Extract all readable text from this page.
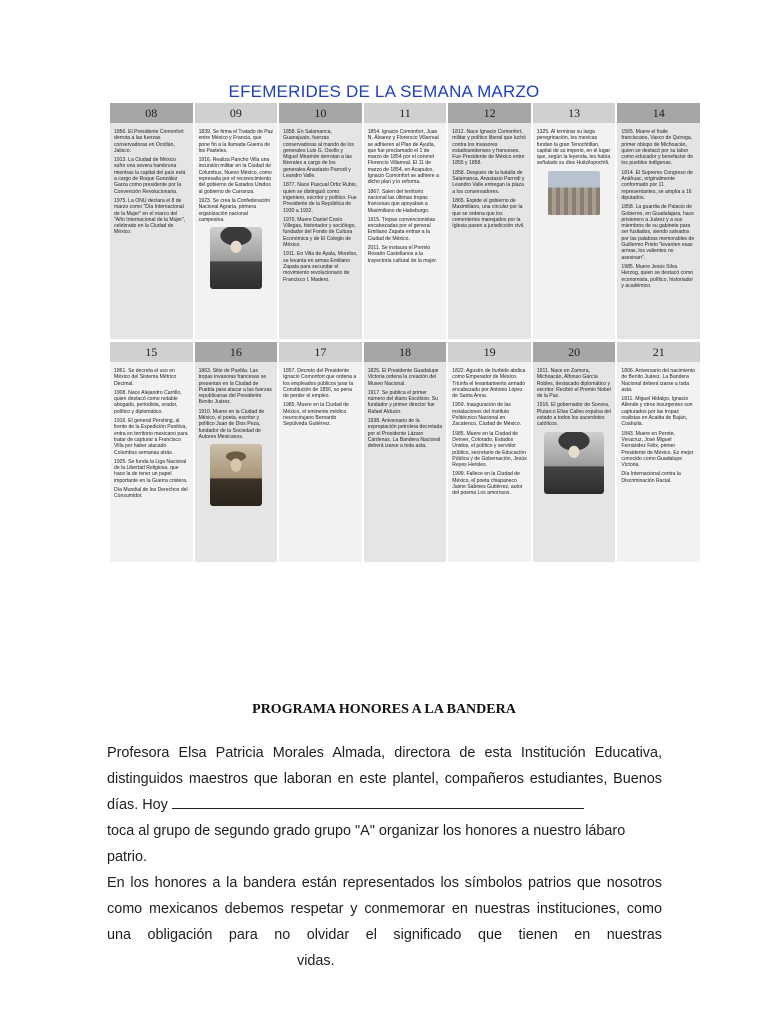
EFEMERIDES DE LA SEMANA MARZO
08

1856. El Presidente Comonfort derrota a las fuerzas conservadoras en Ocotlán, Jalisco.

1913. La Ciudad de México sufre una severa hambruna mientras la capital del país está a cargo de Roque González Garza como presidente por la Convención Revolucionaria.

1975. La ONU declara el 8 de marzo como "Día Internacional de la Mujer" en el marco del "Año Internacional de la Mujer", celebrado en la Ciudad de México.

09

1839. Se firma el Tratado de Paz entre México y Francia, que pone fin a la llamada Guerra de los Pasteles.

1916. Realiza Pancho Villa una incursión militar en la Ciudad de Columbus, Nuevo México, como represalia por el reconocimiento del gobierno de Estados Unidos al gobierno de Carranza.

1923. Se crea la Confederación Nacional Agraria, primera organización nacional campesina.

10

1858. En Salamanca, Guanajuato, fuerzas conservadoras al mando de los generales Luis G. Osollo y Miguel Miramón derrotan a las liberales a cargo de los generales Anastasio Parrodi y Leandro Valle.

1877. Nace Pascual Ortiz Rubio, quien se distinguió como ingeniero, escritor y político. Fue Presidente de la República de 1930 a 1932.

1970. Muere Daniel Cosío Villegas, historiador y sociólogo, fundador del Fondo de Cultura Económica y de El Colegio de México.

1911. En Villa de Ayala, Morelos, se levanta en armas Emiliano Zapata para secundar el movimiento revolucionario de Francisco I. Madero.

11

1854. Ignacio Comonfort, Juan N. Álvarez y Florencio Villarreal se adhieren al Plan de Ayutla, que fue proclamado el 1 de marzo de 1854 por el coronel Florencio Villarreal. El 11 de marzo de 1854, en Acapulco, Ignacio Comonfort se adhiere a dicho plan y lo reforma.

1867. Salen del territorio nacional las últimas tropas francesas que apoyaban a Maximiliano de Habsburgo.

1915. Tropas convencionistas encabezadas por el general Emiliano Zapata entran a la Ciudad de México.

2011. Se instaura el Premio Rosario Castellanos a la trayectoria cultural de la mujer.

12

1812. Nace Ignacio Comonfort, militar y político liberal que luchó contra los invasores estadounidenses y franceses. Fue Presidente de México entre 1855 y 1858.

1858. Después de la batalla de Salamanca, Anastasio Parrodi y Leandro Valle entregan la plaza a los conservadores.

1865. Expide el gobierno de Maximiliano, una circular por la que se ordena que los cementerios manejados por la Iglesia pasen a jurisdicción civil.

13

1325. Al terminar su larga peregrinación, los mexicas fundan la gran Tenochtitlan, capital de su imperio, en el lugar que, según la leyenda, les había señalado su dios Huitzilopochtli.

14

1565. Muere el fraile franciscano, Vasco de Quiroga, primer obispo de Michoacán, quien se destacó por su labor como educador y benefactor de los pueblos indígenas.

1814. El Supremo Congreso de Anáhuac, originalmente conformado por 11 representantes, se amplía a 16 diputados.

1858. La guardia de Palacio de Gobierno, en Guadalajara, hace prisionero a Juárez y a sus miembros de su gabinete para ser fusilados, siendo salvados por las palabras memorables de Guillermo Prieto "levanten esas armas, los valientes no asesinan".

1985. Muere Jesús Silva Herzog, quien se destacó como economista, político, historiador y académico.

15

1861. Se decreta el uso en México del Sistema Métrico Decimal.

1908. Nace Alejandro Carrillo, quien destacó como notable abogado, periodista, orador, político y diplomático.

1916. El general Pershing, al frente de la Expedición Punitiva, entra en territorio mexicano para tratar de capturar a Francisco Villa por haber atacado Columbus semanas atrás.

1925. Se funda la Liga Nacional de la Libertad Religiosa, que hace la de tener un papel importante en la Guerra cristera.

Día Mundial de los Derechos del Consumidor.

16

1863. Sitio de Puebla. Las tropas invasoras francesas se presentan en la Ciudad de Puebla para atacar a las fuerzas republicanas del Presidente Benito Juárez.

1910. Muere en la Ciudad de México, el poeta, escritor y político Juan de Dios Peza, fundador de la Sociedad de Autores Mexicanos.

17

1857. Decreto del Presidente Ignacio Comonfort que ordena a los empleados públicos jurar la Constitución de 1856, so pena de perder el empleo.

1985. Muere en la Ciudad de México, el eminente médico neurocirujano Bernardo Sepúlveda Gutiérrez.

18

1825. El Presidente Guadalupe Victoria ordena la creación del Museo Nacional.

1917. Se publica el primer número del diario Excélsior. Su fundador y primer director fue Rafael Alducin.

1938. Aniversario de la expropiación petrolera decretada por el Presidente Lázaro Cárdenas. La Bandera Nacional deberá izarse a toda asta.

19

1822. Agustín de Iturbide abdica como Emperador de México. Triunfa el levantamiento armado encabezado por Antonio López de Santa Anna.

1959. Inauguración de las instalaciones del Instituto Politécnico Nacional en Zacatenco, Ciudad de México.

1985. Muere en la Ciudad de Denver, Colorado, Estados Unidos, el político y servidor público, secretario de Educación Pública y de Gobernación, Jesús Reyes Heroles.

1999. Fallece en la Ciudad de México, el poeta chiapaneco Jaime Sabines Gutiérrez, autor del poema Los amorosos.

20

1911. Nace en Zamora, Michoacán, Alfonso García Robles, destacado diplomático y escritor. Recibió el Premio Nobel de la Paz.

1916. El gobernador de Sonora, Plutarco Elías Calles expulsa del estado a todos los sacerdotes católicos.

21

1806. Aniversario del nacimiento de Benito Juárez. La Bandera Nacional deberá izarse a toda asta.

1811. Miguel Hidalgo, Ignacio Allende y otros insurgentes son capturados por las tropas realistas en Acatita de Baján, Coahuila.

1843. Muere en Perote, Veracruz, José Miguel Fernández Félix, primer Presidente de México. Es mejor conocido como Guadalupe Victoria.

Día Internacional contra la Discriminación Racial.

PROGRAMA HONORES A LA BANDERA
Profesora Elsa Patricia Morales Almada, directora de esta Institución Educativa, distinguidos maestros que laboran en este plantel, compañeros estudiantes, Buenos días. Hoy
toca al grupo de segundo grado grupo "A" organizar los honores a nuestro lábaro patrio.
En los honores a la bandera están representados los símbolos patrios que nosotros como mexicanos debemos respetar y conmemorar en nuestras instituciones, como una obligación para no olvidar el significado que tienen en nuestrasvidas.
